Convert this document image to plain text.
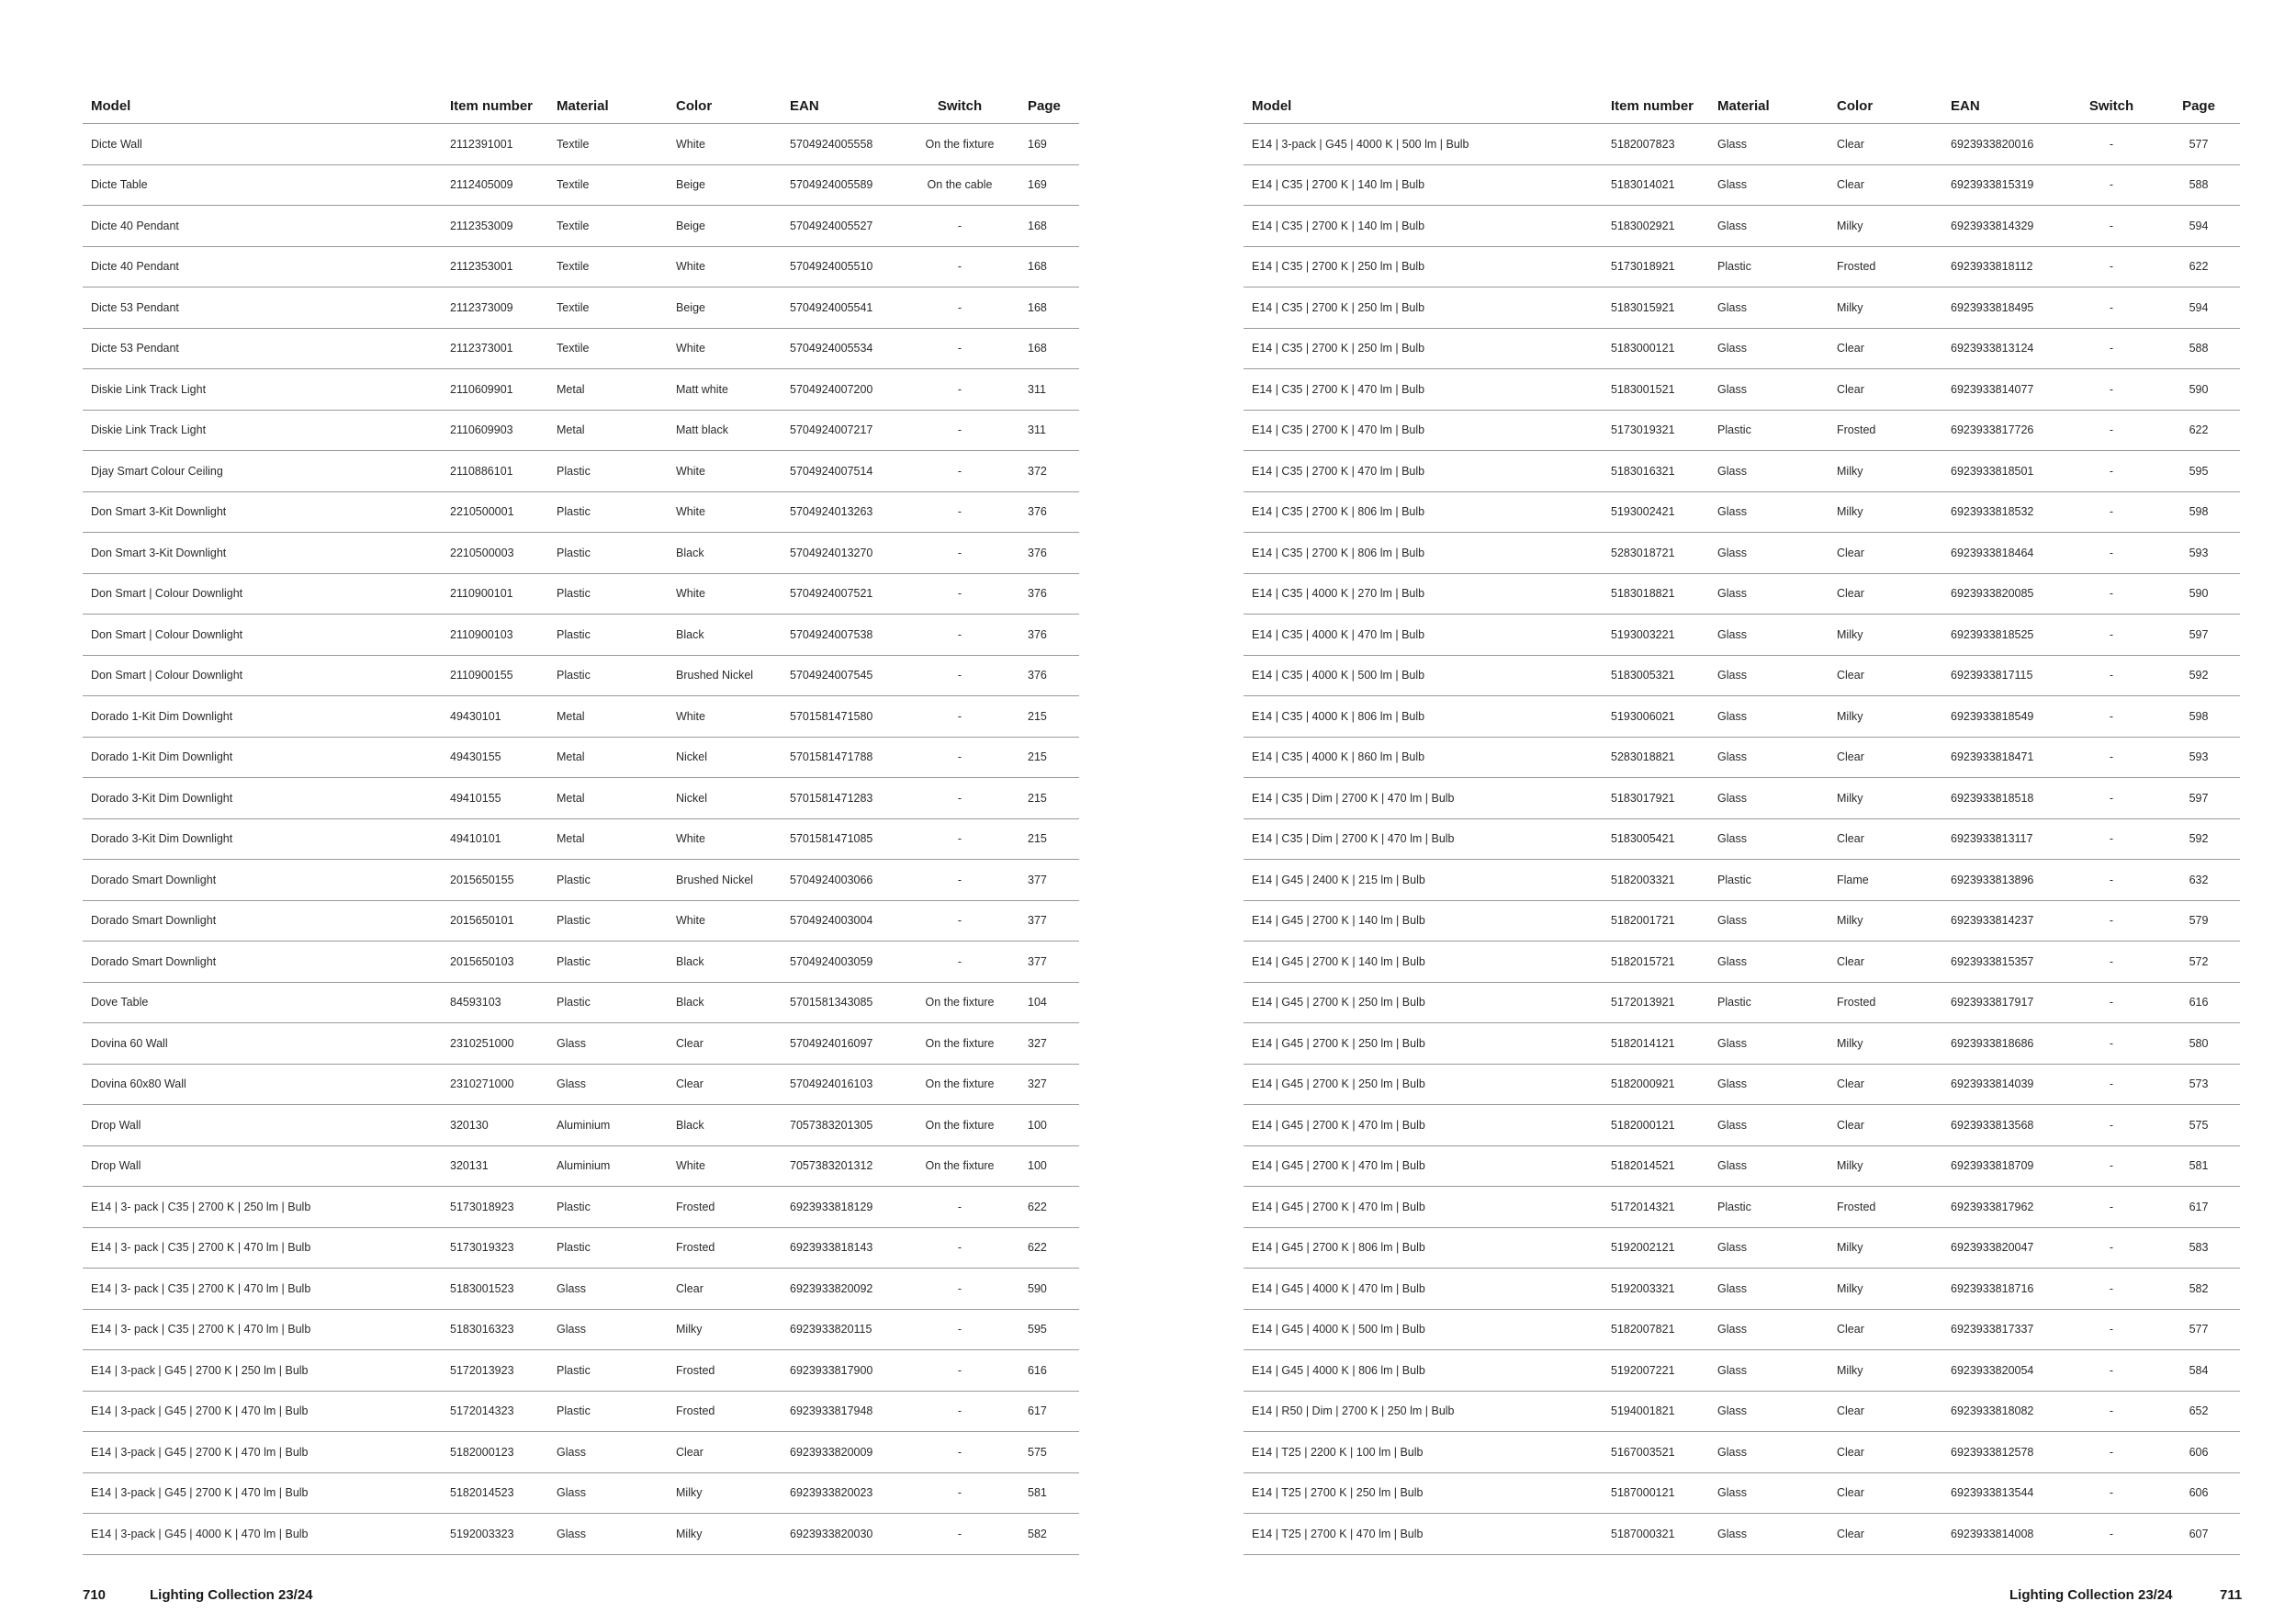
Model	Item number	Material	Color	EAN	Switch	Page
Dicte Wall	2112391001	Textile	White	5704924005558	On the fixture	169
Dicte Table	2112405009	Textile	Beige	5704924005589	On the cable	169
Dicte 40 Pendant	2112353009	Textile	Beige	5704924005527	-	168
Dicte 40 Pendant	2112353001	Textile	White	5704924005510	-	168
Dicte 53 Pendant	2112373009	Textile	Beige	5704924005541	-	168
Dicte 53 Pendant	2112373001	Textile	White	5704924005534	-	168
Diskie Link Track Light	2110609901	Metal	Matt white	5704924007200	-	311
Diskie Link Track Light	2110609903	Metal	Matt black	5704924007217	-	311
Djay Smart Colour Ceiling	2110886101	Plastic	White	5704924007514	-	372
Don Smart 3-Kit Downlight	2210500001	Plastic	White	5704924013263	-	376
Don Smart 3-Kit Downlight	2210500003	Plastic	Black	5704924013270	-	376
Don Smart | Colour Downlight	2110900101	Plastic	White	5704924007521	-	376
Don Smart | Colour Downlight	2110900103	Plastic	Black	5704924007538	-	376
Don Smart | Colour Downlight	2110900155	Plastic	Brushed Nickel	5704924007545	-	376
Dorado 1-Kit Dim Downlight	49430101	Metal	White	5701581471580	-	215
Dorado 1-Kit Dim Downlight	49430155	Metal	Nickel	5701581471788	-	215
Dorado 3-Kit Dim Downlight	49410155	Metal	Nickel	5701581471283	-	215
Dorado 3-Kit Dim Downlight	49410101	Metal	White	5701581471085	-	215
Dorado Smart Downlight	2015650155	Plastic	Brushed Nickel	5704924003066	-	377
Dorado Smart Downlight	2015650101	Plastic	White	5704924003004	-	377
Dorado Smart Downlight	2015650103	Plastic	Black	5704924003059	-	377
Dove Table	84593103	Plastic	Black	5701581343085	On the fixture	104
Dovina 60 Wall	2310251000	Glass	Clear	5704924016097	On the fixture	327
Dovina 60x80 Wall	2310271000	Glass	Clear	5704924016103	On the fixture	327
Drop Wall	320130	Aluminium	Black	7057383201305	On the fixture	100
Drop Wall	320131	Aluminium	White	7057383201312	On the fixture	100
E14 | 3- pack | C35 | 2700 K | 250 lm | Bulb	5173018923	Plastic	Frosted	6923933818129	-	622
E14 | 3- pack | C35 | 2700 K | 470 lm | Bulb	5173019323	Plastic	Frosted	6923933818143	-	622
E14 | 3- pack | C35 | 2700 K | 470 lm | Bulb	5183001523	Glass	Clear	6923933820092	-	590
E14 | 3- pack | C35 | 2700 K | 470 lm | Bulb	5183016323	Glass	Milky	6923933820115	-	595
E14 | 3-pack | G45 | 2700 K | 250 lm | Bulb	5172013923	Plastic	Frosted	6923933817900	-	616
E14 | 3-pack | G45 | 2700 K | 470 lm | Bulb	5172014323	Plastic	Frosted	6923933817948	-	617
E14 | 3-pack | G45 | 2700 K | 470 lm | Bulb	5182000123	Glass	Clear	6923933820009	-	575
E14 | 3-pack | G45 | 2700 K | 470 lm | Bulb	5182014523	Glass	Milky	6923933820023	-	581
E14 | 3-pack | G45 | 4000 K | 470 lm | Bulb	5192003323	Glass	Milky	6923933820030	-	582
710	Lighting Collection 23/24
Model	Item number	Material	Color	EAN	Switch	Page
E14 | 3-pack | G45 | 4000 K | 500 lm | Bulb	5182007823	Glass	Clear	6923933820016	-	577
E14 | C35 | 2700 K | 140 lm | Bulb	5183014021	Glass	Clear	6923933815319	-	588
E14 | C35 | 2700 K | 140 lm | Bulb	5183002921	Glass	Milky	6923933814329	-	594
E14 | C35 | 2700 K | 250 lm | Bulb	5173018921	Plastic	Frosted	6923933818112	-	622
E14 | C35 | 2700 K | 250 lm | Bulb	5183015921	Glass	Milky	6923933818495	-	594
E14 | C35 | 2700 K | 250 lm | Bulb	5183000121	Glass	Clear	6923933813124	-	588
E14 | C35 | 2700 K | 470 lm | Bulb	5183001521	Glass	Clear	6923933814077	-	590
E14 | C35 | 2700 K | 470 lm | Bulb	5173019321	Plastic	Frosted	6923933817726	-	622
E14 | C35 | 2700 K | 470 lm | Bulb	5183016321	Glass	Milky	6923933818501	-	595
E14 | C35 | 2700 K | 806 lm | Bulb	5193002421	Glass	Milky	6923933818532	-	598
E14 | C35 | 2700 K | 806 lm | Bulb	5283018721	Glass	Clear	6923933818464	-	593
E14 | C35 | 4000 K | 270 lm | Bulb	5183018821	Glass	Clear	6923933820085	-	590
E14 | C35 | 4000 K | 470 lm | Bulb	5193003221	Glass	Milky	6923933818525	-	597
E14 | C35 | 4000 K | 500 lm | Bulb	5183005321	Glass	Clear	6923933817115	-	592
E14 | C35 | 4000 K | 806 lm | Bulb	5193006021	Glass	Milky	6923933818549	-	598
E14 | C35 | 4000 K | 860 lm | Bulb	5283018821	Glass	Clear	6923933818471	-	593
E14 | C35 | Dim | 2700 K | 470 lm | Bulb	5183017921	Glass	Milky	6923933818518	-	597
E14 | C35 | Dim | 2700 K | 470 lm | Bulb	5183005421	Glass	Clear	6923933813117	-	592
E14 | G45 | 2400 K | 215 lm | Bulb	5182003321	Plastic	Flame	6923933813896	-	632
E14 | G45 | 2700 K | 140 lm | Bulb	5182001721	Glass	Milky	6923933814237	-	579
E14 | G45 | 2700 K | 140 lm | Bulb	5182015721	Glass	Clear	6923933815357	-	572
E14 | G45 | 2700 K | 250 lm | Bulb	5172013921	Plastic	Frosted	6923933817917	-	616
E14 | G45 | 2700 K | 250 lm | Bulb	5182014121	Glass	Milky	6923933818686	-	580
E14 | G45 | 2700 K | 250 lm | Bulb	5182000921	Glass	Clear	6923933814039	-	573
E14 | G45 | 2700 K | 470 lm | Bulb	5182000121	Glass	Clear	6923933813568	-	575
E14 | G45 | 2700 K | 470 lm | Bulb	5182014521	Glass	Milky	6923933818709	-	581
E14 | G45 | 2700 K | 470 lm | Bulb	5172014321	Plastic	Frosted	6923933817962	-	617
E14 | G45 | 2700 K | 806 lm | Bulb	5192002121	Glass	Milky	6923933820047	-	583
E14 | G45 | 4000 K | 470 lm | Bulb	5192003321	Glass	Milky	6923933818716	-	582
E14 | G45 | 4000 K | 500 lm | Bulb	5182007821	Glass	Clear	6923933817337	-	577
E14 | G45 | 4000 K | 806 lm | Bulb	5192007221	Glass	Milky	6923933820054	-	584
E14 | R50 | Dim | 2700 K | 250 lm | Bulb	5194001821	Glass	Clear	6923933818082	-	652
E14 | T25 | 2200 K | 100 lm | Bulb	5167003521	Glass	Clear	6923933812578	-	606
E14 | T25 | 2700 K | 250 lm | Bulb	5187000121	Glass	Clear	6923933813544	-	606
E14 | T25 | 2700 K | 470 lm | Bulb	5187000321	Glass	Clear	6923933814008	-	607
Lighting Collection 23/24	711
